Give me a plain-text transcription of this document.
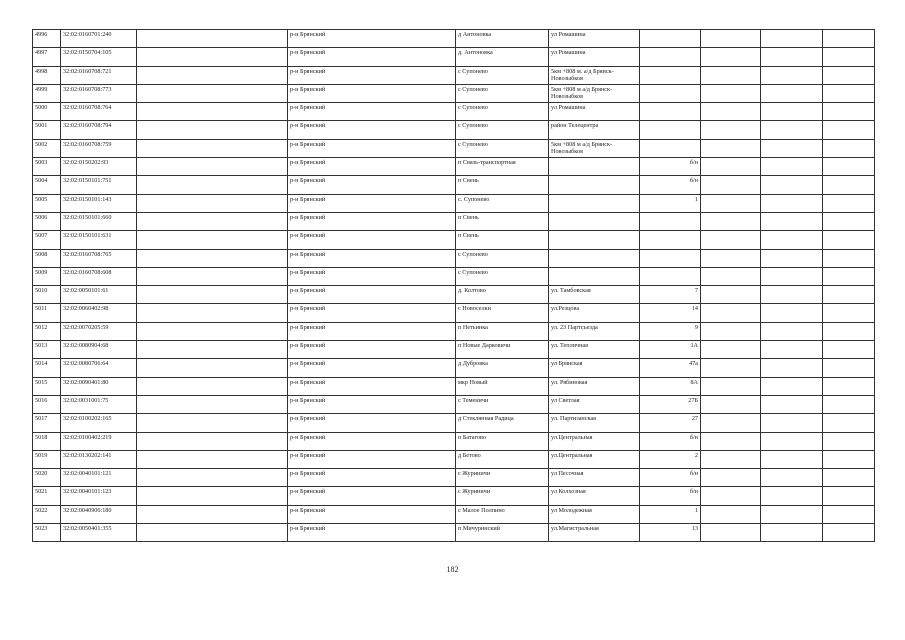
4996	32:02:0160701:240		р-н Брянский	д Антоновка	ул Ромашина				
4997	32:02:0150704:105		р-н Брянский	д. Антоновка	ул Ромашина				
4998	32:02:0160708:721		р-н Брянский	с Супонево	5км +808 м. а/д Брянск-Новозыбков				
4999	32:02:0160708:773		р-н Брянский	с Супонево	5км +808 м а/д Брянск-Новозыбков				
5000	32:02:0160708:764		р-н Брянский	с Супонево	ул Ромашина				
5001	32:02:0160708:794		р-н Брянский	с Супонево	район Телецентра				
5002	32:02:0160708:759		р-н Брянский	с Супонево	5км +808 м а/д Брянск-Новозыбков				
5003	32:02:0150202:93		р-н Брянский	п Связь-транспортная		б/н			
5004	32:02:0150101:751		р-н Брянский	п Свень		б/н			
5005	32:02:0150101:143		р-н Брянский	с. Супонево		1			
5006	32:02:0150101:660		р-н Брянский	п Свень					
5007	32:02:0150101:631		р-н Брянский	п Свень					
5008	32:02:0160708:765		р-н Брянский	с Супонево					
5009	32:02:0160708:608		р-н Брянский	с Супонево					
5010	32:02:0050101:61		р-н Брянский	д. Колтово	ул. Тамбовская	7			
5011	32:02:0060402:98		р-н Брянский	с Новоселки	ул.Резцова	14			
5012	32:02:0070205:59		р-н Брянский	п Нетьинка	ул. 23 Партсъезда	9			
5013	32:02:0080904:68		р-н Брянский	п Новые Дарковичи	ул. Тепличная	1А			
5014	32:02:0080706:64		р-н Брянский	д Дубровка	ул Брянская	47а			
5015	32:02:0090401:80		р-н Брянский	мкр Новый	ул. Рябиновая	8А			
5016	32:02:0031001:75		р-н Брянский	с Теменичи	ул Светлая	27Б			
5017	32:02:0100202:165		р-н Брянский	д Стеклянная Радица	ул. Партизанская	27			
5018	32:02:0100402:219		р-н Брянский	п Батагово	ул.Центральная	б/н			
5019	32:02:0130202:141		р-н Брянский	д Бетово	ул.Центральная	2			
5020	32:02:0040101:121		р-н Брянский	с Журиничи	ул Песочная	б/н			
5021	32:02:0040101:123		р-н Брянский	с Журиничи	ул Колхозная	б/н			
5022	32:02:0040906:180		р-н Брянский	с Малое Полпино	ул Молодежная	1			
5023	32:02:0050401:355		р-н Брянский	п Мичуринский	ул.Магистральная	13			
182
